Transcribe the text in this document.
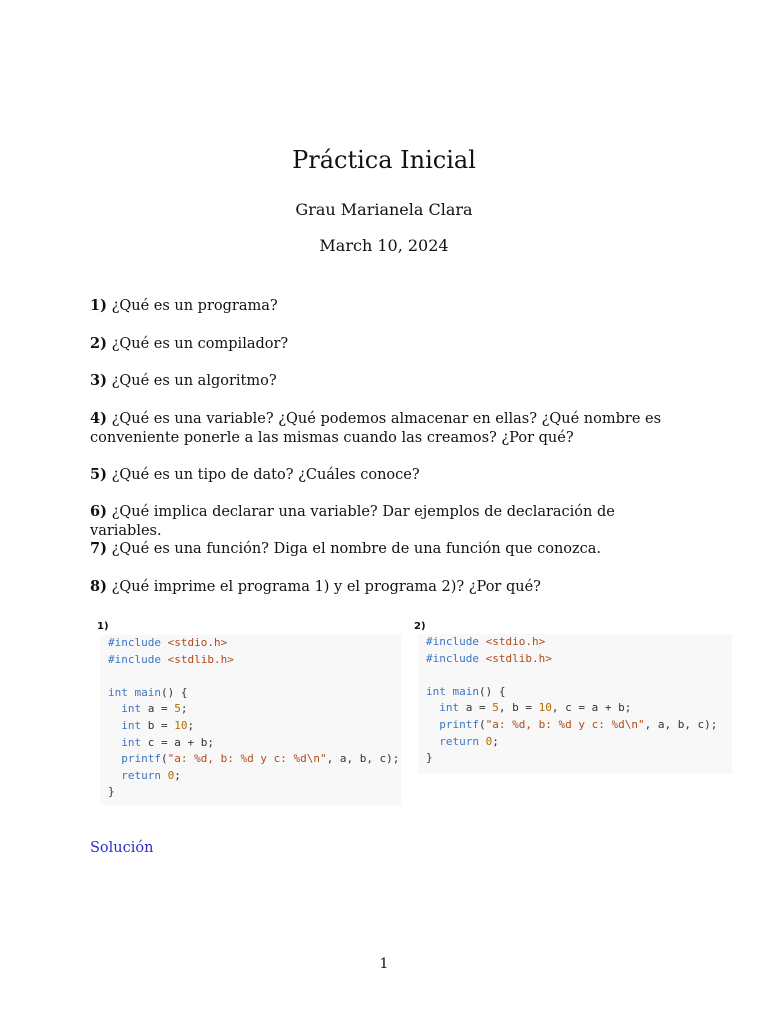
Práctica Inicial
Grau Marianela Clara
March 10, 2024
1) ¿Qué es un programa?
2) ¿Qué es un compilador?
3) ¿Qué es un algoritmo?
4) ¿Qué es una variable? ¿Qué podemos almacenar en ellas? ¿Qué nombre es conveniente ponerle a las mismas cuando las creamos? ¿Por qué?
5) ¿Qué es un tipo de dato? ¿Cuáles conoce?
6) ¿Qué implica declarar una variable? Dar ejemplos de declaración de variables.
7) ¿Qué es una función? Diga el nombre de una función que conozca.
8) ¿Qué imprime el programa 1) y el programa 2)? ¿Por qué?
1)
#include <stdio.h>
#include <stdlib.h>

int main() {
int a = 5;
int b = 10;
int c = a + b;
printf("a: %d, b: %d y c: %d\n", a, b, c);
return 0;
}
2)
#include <stdio.h>
#include <stdlib.h>

int main() {
int a = 5, b = 10, c = a + b;
printf("a: %d, b: %d y c: %d\n", a, b, c);
return 0;
}
Solución
1
